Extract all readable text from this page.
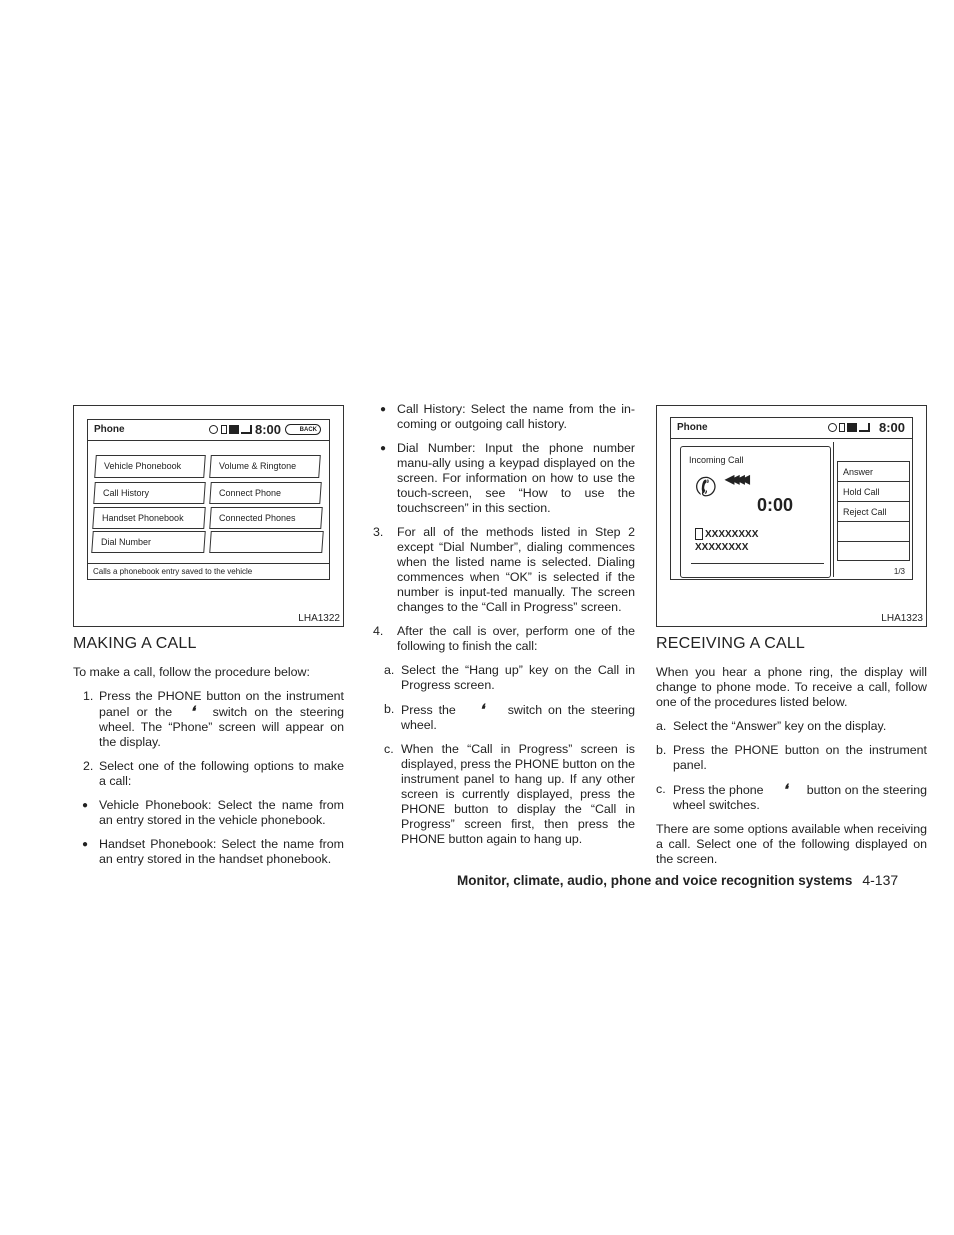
Phone	8:00	BACK
Vehicle Phonebook	Volume & Ringtone
Call History	Connect Phone
Handset Phonebook	Connected Phones
Dial Number
Calls a phonebook entry saved to the vehicle
LHA1322
MAKING A CALL

To make a call, follow the procedure below:

1. Press the PHONE button on the instrument panel or the ❛ switch on the steering wheel. The “Phone” screen will appear on the display.
2. Select one of the following options to make a call:
● Vehicle Phonebook: Select the name from an entry stored in the vehicle phonebook.
● Handset Phonebook: Select the name from an entry stored in the handset phonebook.
● Call History: Select the name from the in-coming or outgoing call history.
● Dial Number: Input the phone number manu-ally using a keypad displayed on the screen. For information on how to use the touch-screen, see “How to use the touchscreen” in this section.
3. For all of the methods listed in Step 2 except “Dial Number”, dialing commences when the listed name is selected. Dialing commences when “OK” is selected if the number is input-ted manually. The screen changes to the “Call in Progress” screen.
4. After the call is over, perform one of the following to finish the call:
a. Select the “Hang up” key on the Call in Progress screen.
b. Press the ❛ switch on the steering wheel.
c. When the “Call in Progress” screen is displayed, press the PHONE button on the instrument panel to hang up. If any other screen is currently displayed, press the PHONE button to display the “Call in Progress” screen first, then press the PHONE button again to hang up.
Phone	8:00
Incoming Call
✆ ◀◀◀◀
0:00
XXXXXXXX
XXXXXXXX
Answer
Hold Call
Reject Call
1/3
LHA1323
RECEIVING A CALL

When you hear a phone ring, the display will change to phone mode. To receive a call, follow one of the procedures listed below.

a. Select the “Answer” key on the display.
b. Press the PHONE button on the instrument panel.
c. Press the phone ❛ button on the steering wheel switches.

There are some options available when receiving a call. Select one of the following displayed on the screen.

Monitor, climate, audio, phone and voice recognition systems 4-137
